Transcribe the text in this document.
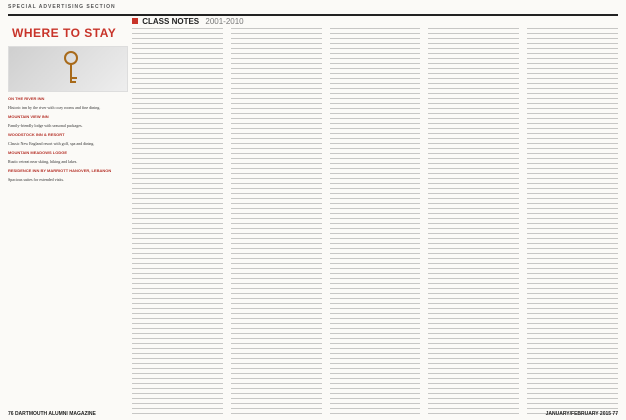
SPECIAL ADVERTISING SECTION
WHERE TO STAY
ON THE RIVER INN
Historic inn by the river with cozy rooms and fine dining.
MOUNTAIN VIEW INN
Family-friendly lodge with seasonal packages.
WOODSTOCK INN & RESORT
Classic New England resort with golf, spa and dining.
MOUNTAIN MEADOWS LODGE
Rustic retreat near skiing, hiking and lakes.
RESIDENCE INN BY MARRIOTT HANOVER, LEBANON
Spacious suites for extended visits.
CLASS NOTES 2001-2010
76 DARTMOUTH ALUMNI MAGAZINE	JANUARY/FEBRUARY 2015 77
